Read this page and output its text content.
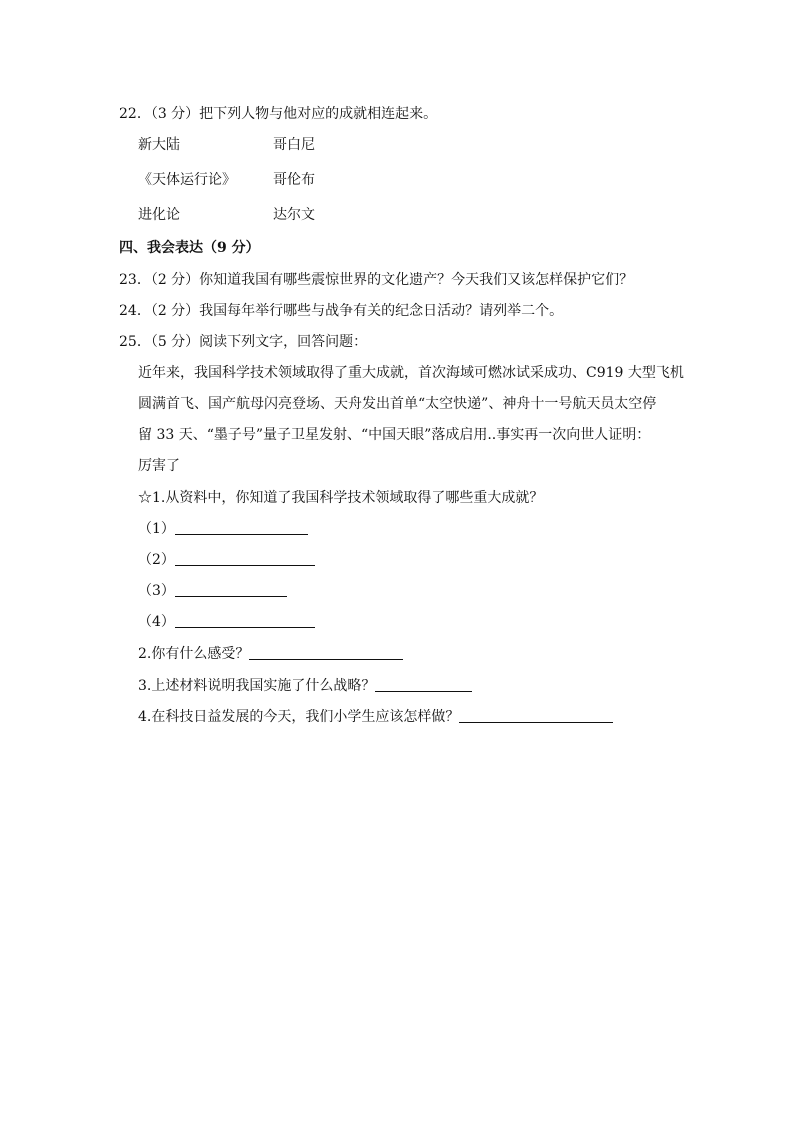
22．（3 分）把下列人物与他对应的成就相连起来。
新大陆	哥白尼
《天体运行论》	哥伦布
进化论	达尔文
四、我会表达（9 分）
23．（2 分）你知道我国有哪些震惊世界的文化遗产？今天我们又该怎样保护它们？
24．（2 分）我国每年举行哪些与战争有关的纪念日活动？请列举二个。
25．（5 分）阅读下列文字，回答问题：
近年来，我国科学技术领域取得了重大成就，首次海域可燃冰试采成功、C919 大型飞机
圆满首飞、国产航母闪亮登场、天舟发出首单“太空快递”、神舟十一号航天员太空停
留 33 天、“墨子号”量子卫星发射、“中国天眼”落成启用..事实再一次向世人证明：
厉害了
☆1.从资料中，你知道了我国科学技术领域取得了哪些重大成就？
（1）
（2）
（3）
（4）
2.你有什么感受？
3.上述材料说明我国实施了什么战略？
4.在科技日益发展的今天，我们小学生应该怎样做？
